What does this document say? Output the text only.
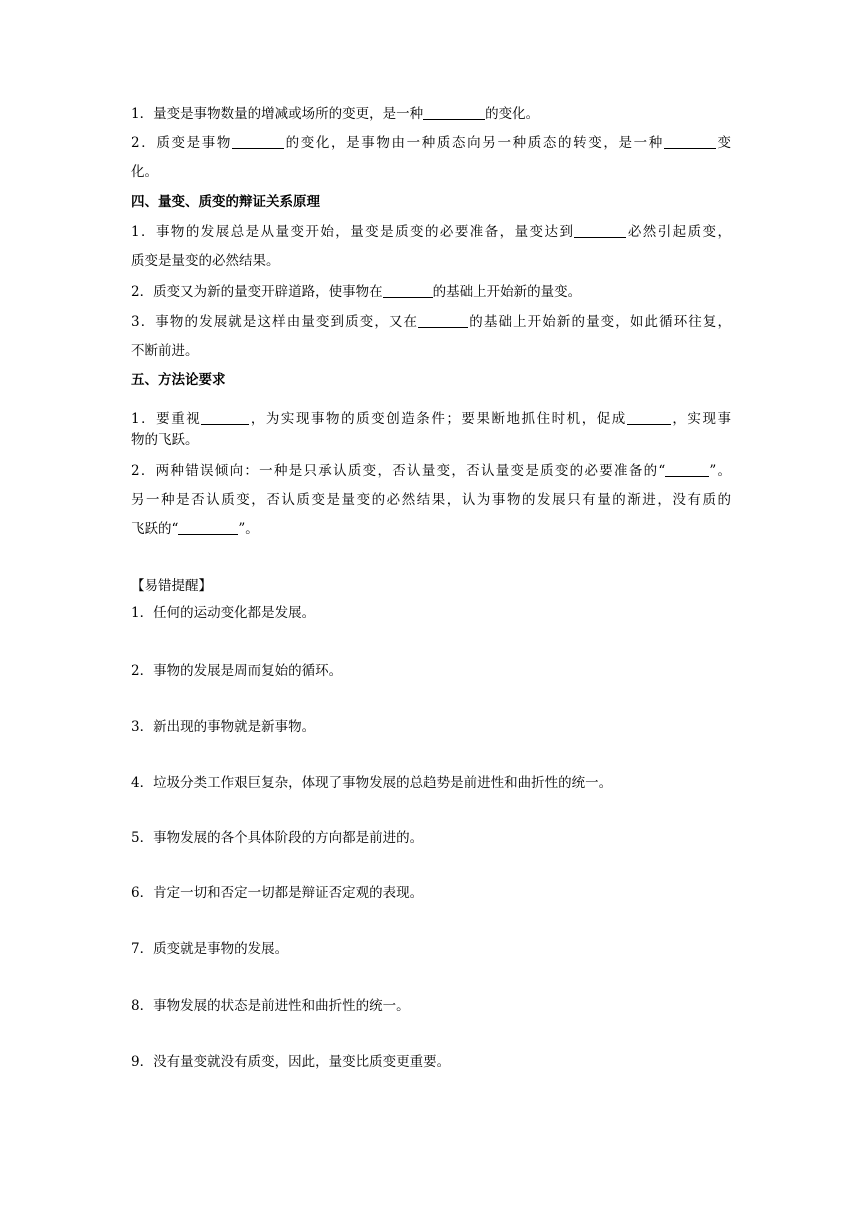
1．量变是事物数量的增减或场所的变更，是一种	的变化。
2．质变是事物	的变化，是事物由一种质态向另一种质态的转变，是一种	变
化。
四、量变、质变的辩证关系原理
1．事物的发展总是从量变开始，量变是质变的必要准备，量变达到	必然引起质变，
质变是量变的必然结果。
2．质变又为新的量变开辟道路，使事物在	的基础上开始新的量变。
3．事物的发展就是这样由量变到质变，又在	的基础上开始新的量变，如此循环往复，
不断前进。
五、方法论要求
1．要重视	，为实现事物的质变创造条件；要果断地抓住时机，促成	，实现事
物的飞跃。
2．两种错误倾向：一种是只承认质变，否认量变，否认量变是质变的必要准备的“	”。
另一种是否认质变，否认质变是量变的必然结果，认为事物的发展只有量的渐进，没有质的
飞跃的“	”。
【易错提醒】
1．任何的运动变化都是发展。
2．事物的发展是周而复始的循环。
3．新出现的事物就是新事物。
4．垃圾分类工作艰巨复杂，体现了事物发展的总趋势是前进性和曲折性的统一。
5．事物发展的各个具体阶段的方向都是前进的。
6．肯定一切和否定一切都是辩证否定观的表现。
7．质变就是事物的发展。
8．事物发展的状态是前进性和曲折性的统一。
9．没有量变就没有质变，因此，量变比质变更重要。
